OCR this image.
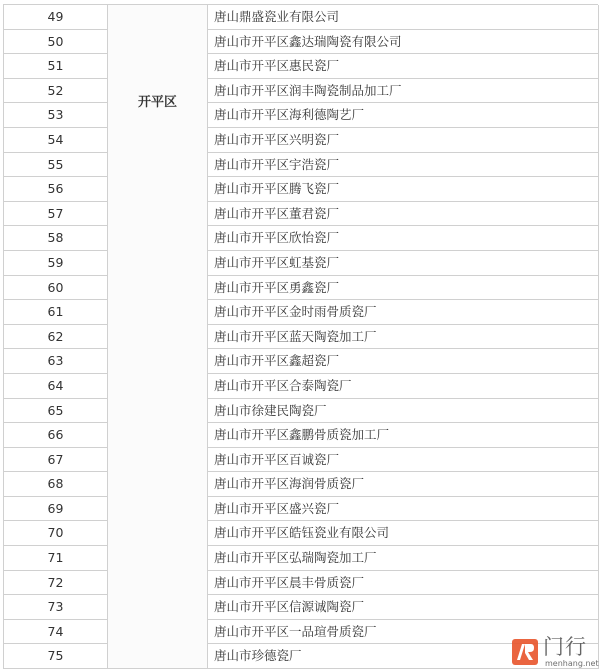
开平区
49	唐山鼎盛瓷业有限公司
50	唐山市开平区鑫达瑞陶瓷有限公司
51	唐山市开平区惠民瓷厂
52	唐山市开平区润丰陶瓷制品加工厂
53	唐山市开平区海利德陶艺厂
54	唐山市开平区兴明瓷厂
55	唐山市开平区宇浩瓷厂
56	唐山市开平区腾飞瓷厂
57	唐山市开平区董君瓷厂
58	唐山市开平区欣怡瓷厂
59	唐山市开平区虹基瓷厂
60	唐山市开平区勇鑫瓷厂
61	唐山市开平区金时雨骨质瓷厂
62	唐山市开平区蓝天陶瓷加工厂
63	唐山市开平区鑫超瓷厂
64	唐山市开平区合泰陶瓷厂
65	唐山市徐建民陶瓷厂
66	唐山市开平区鑫鹏骨质瓷加工厂
67	唐山市开平区百诚瓷厂
68	唐山市开平区海润骨质瓷厂
69	唐山市开平区盛兴瓷厂
70	唐山市开平区皓钰瓷业有限公司
71	唐山市开平区弘瑞陶瓷加工厂
72	唐山市开平区晨丰骨质瓷厂
73	唐山市开平区信源诚陶瓷厂
74	唐山市开平区一品瑄骨质瓷厂
75	唐山市珍德瓷厂	门行
menhang.net
